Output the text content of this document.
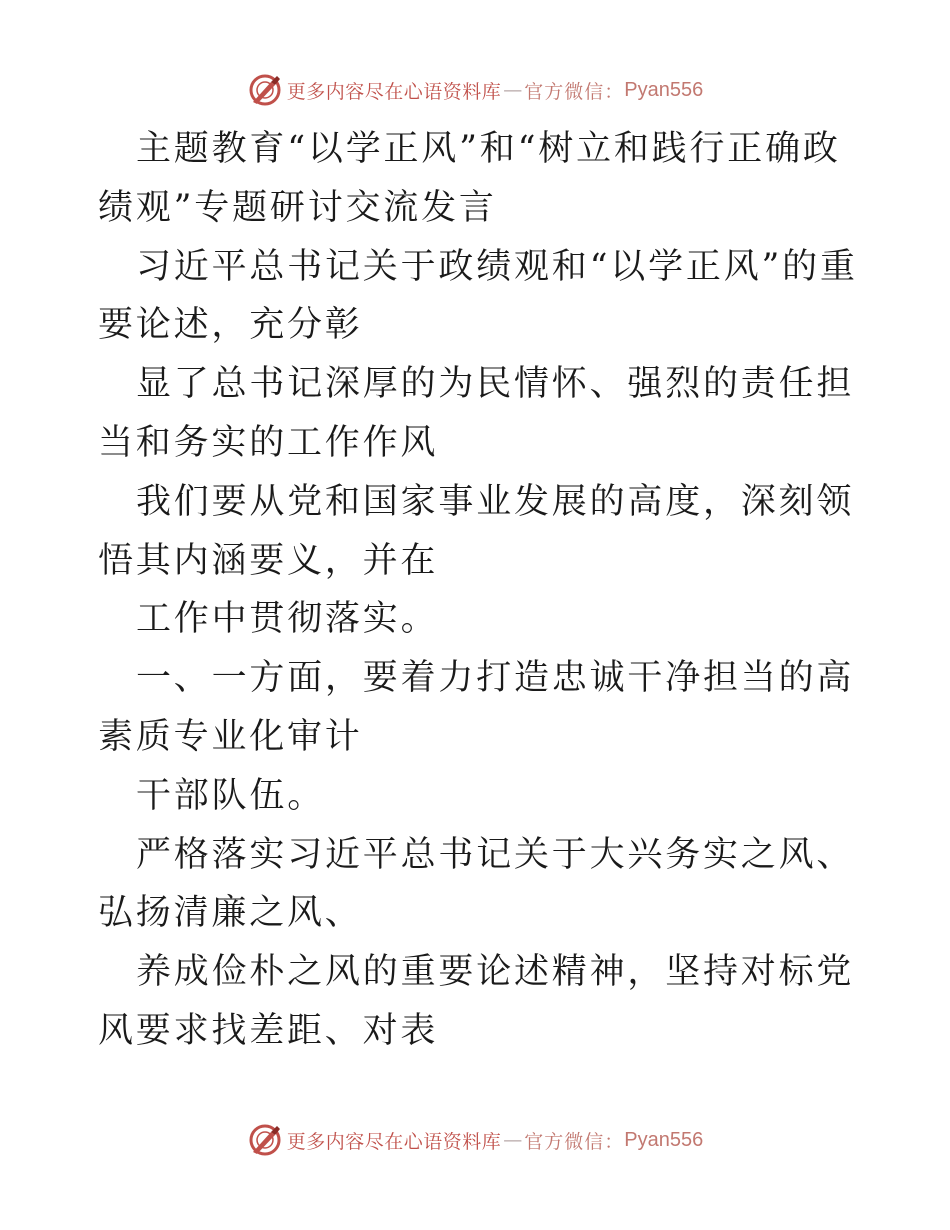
更多内容尽在心语资料库 — 官方微信： Pyan556

主题教育“以学正风”和“树立和践行正确政绩观”专题研讨交流发言

习近平总书记关于政绩观和“以学正风”的重要论述，充分彰

显了总书记深厚的为民情怀、强烈的责任担当和务实的工作作风

我们要从党和国家事业发展的高度，深刻领悟其内涵要义，并在

工作中贯彻落实。

一、一方面，要着力打造忠诚干净担当的高素质专业化审计

干部队伍。

严格落实习近平总书记关于大兴务实之风、弘扬清廉之风、

养成俭朴之风的重要论述精神，坚持对标党风要求找差距、对表

更多内容尽在心语资料库 — 官方微信： Pyan556
